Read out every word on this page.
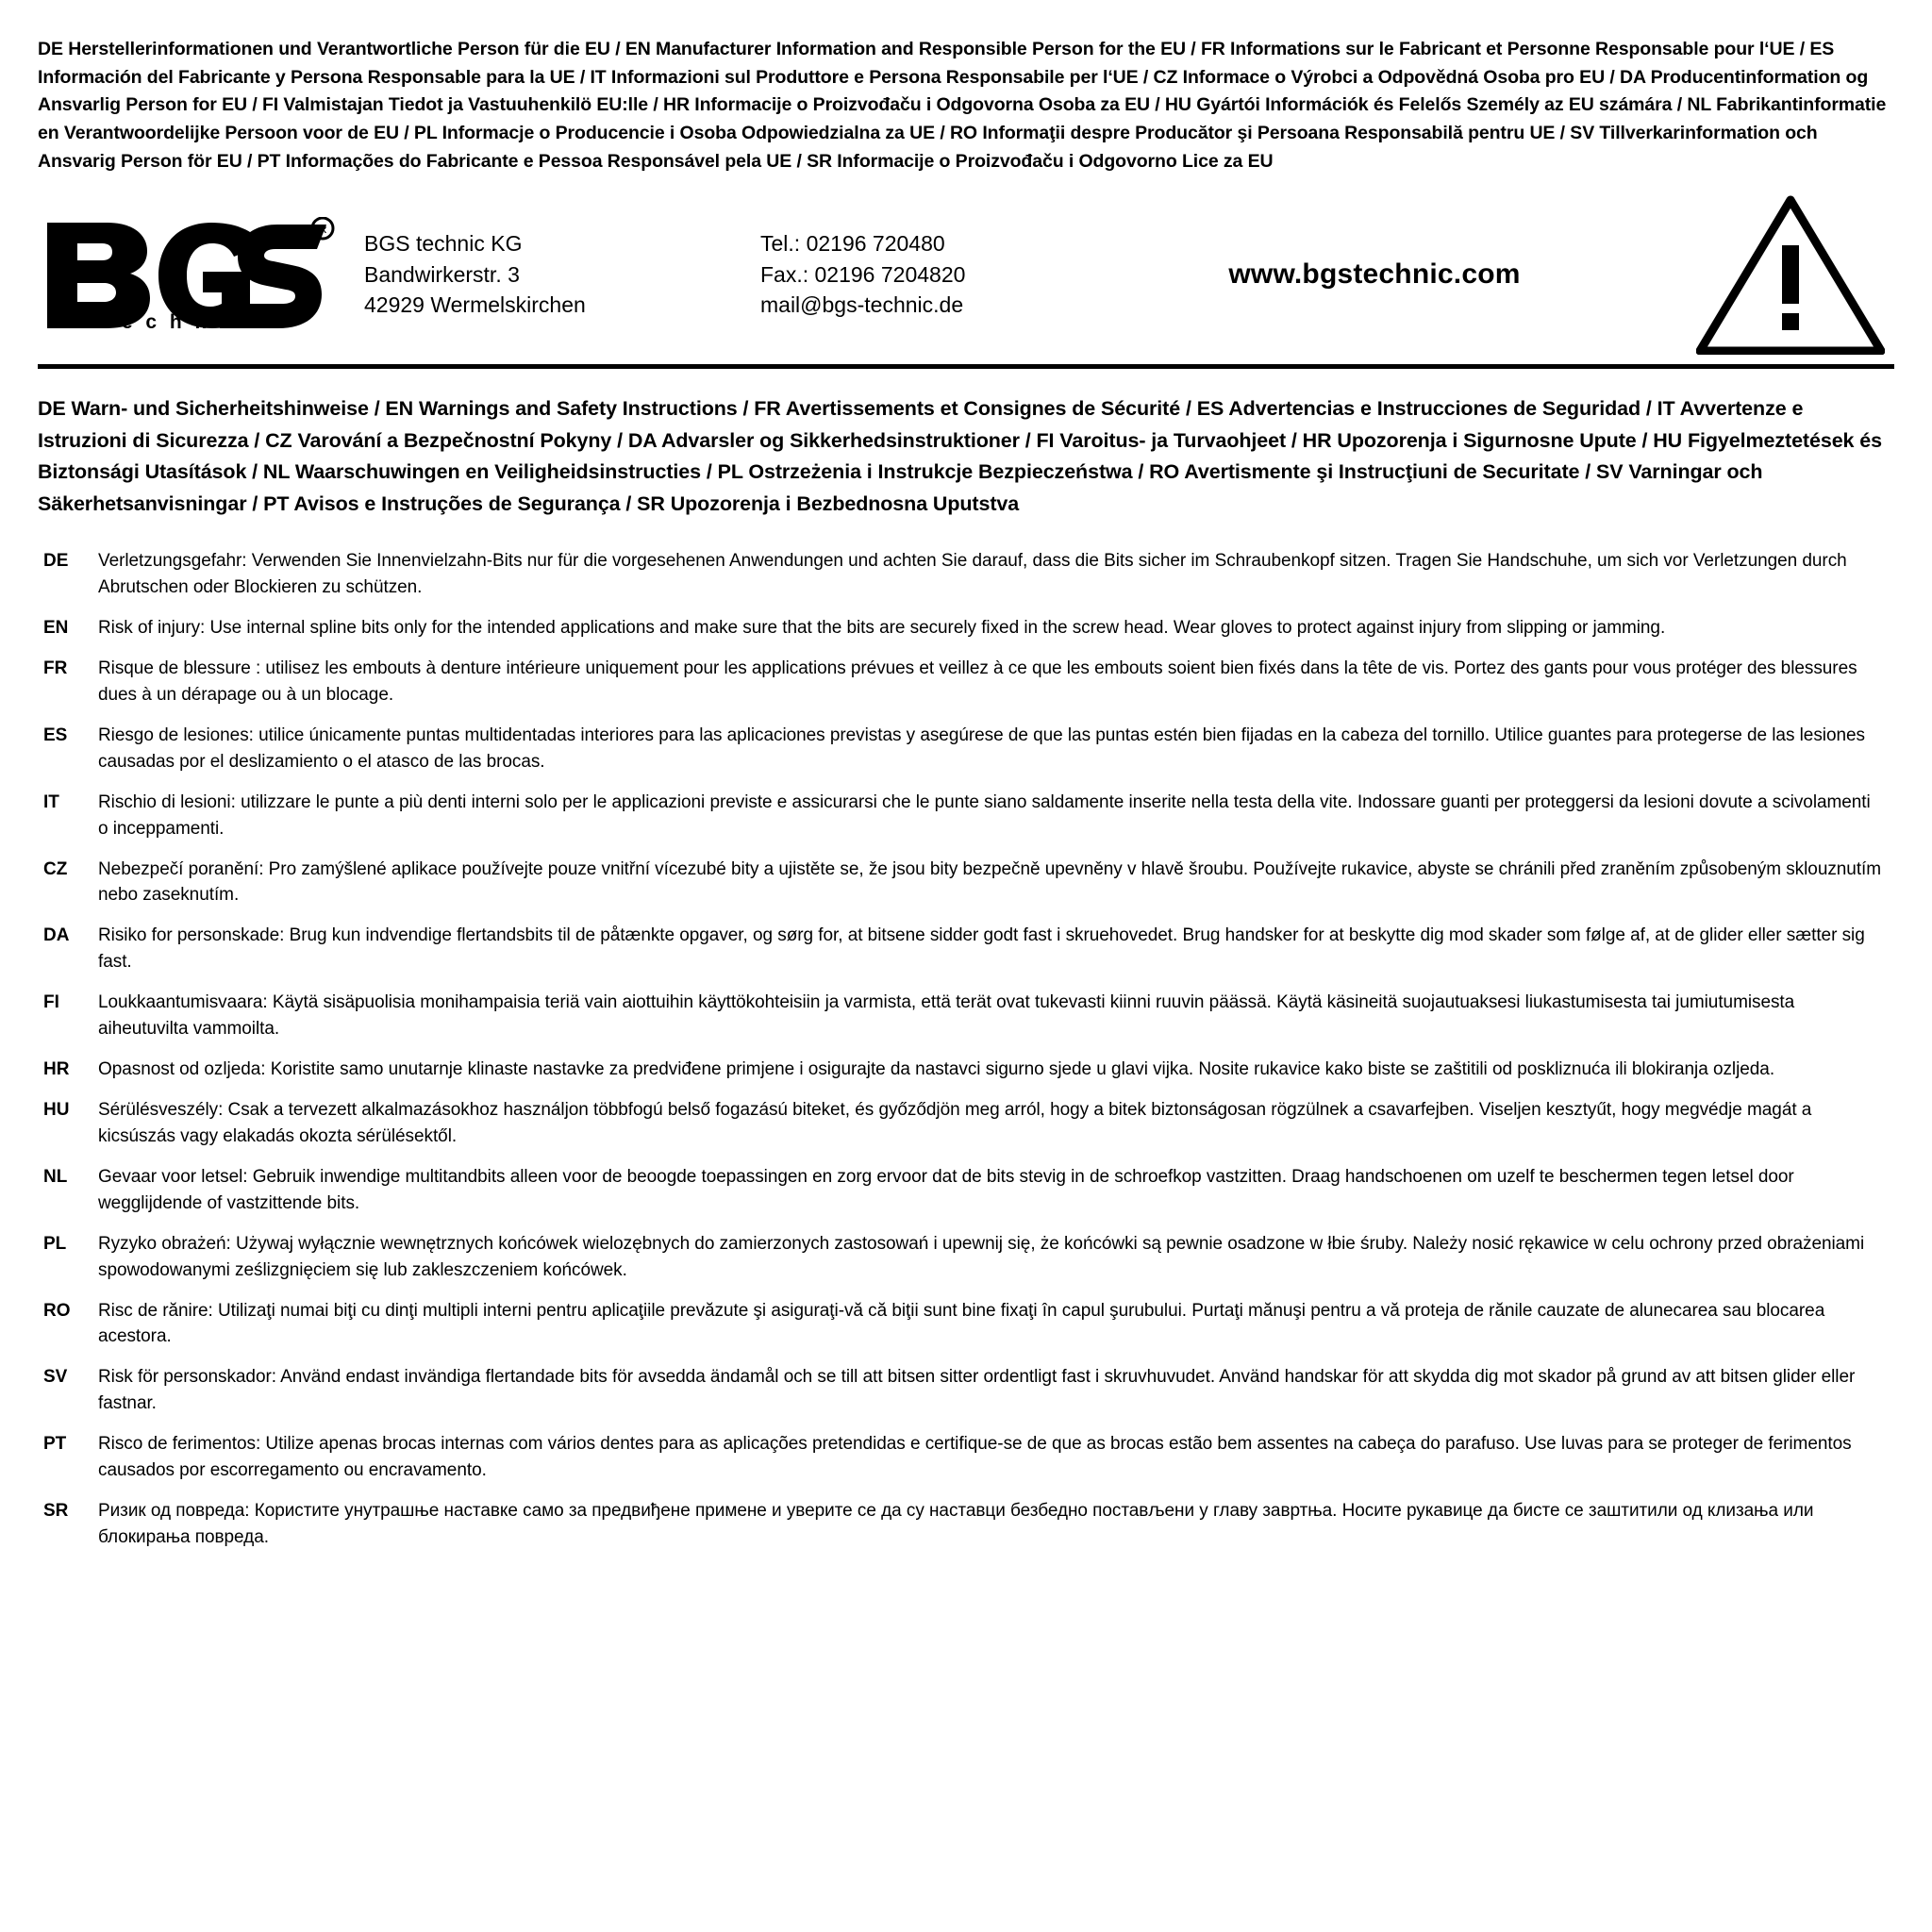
DE Herstellerinformationen und Verantwortliche Person für die EU / EN Manufacturer Information and Responsible Person for the EU / FR Informations sur le Fabricant et Personne Responsable pour l‘UE / ES Información del Fabricante y Persona Responsable para la UE / IT Informazioni sul Produttore e Persona Responsabile per l‘UE / CZ Informace o Výrobci a Odpovědná Osoba pro EU / DA Producentinformation og Ansvarlig Person for EU / FI Valmistajan Tiedot ja Vastuuhenkilö EU:lle / HR Informacije o Proizvođaču i Odgovorna Osoba za EU / HU Gyártói Információk és Felelős Személy az EU számára / NL Fabrikantinformatie en Verantwoordelijke Persoon voor de EU / PL Informacje o Producencie i Osoba Odpowiedzialna za UE / RO Informaţii despre Producător şi Persoana Responsabilă pentru UE / SV Tillverkarinformation och Ansvarig Person för EU / PT Informações do Fabricante e Pessoa Responsável pela UE / SR Informacije o Proizvođaču i Odgovorno Lice za EU
R
t e c h n i c
BGS technic KG
Bandwirkerstr. 3
42929 Wermelskirchen
Tel.: 02196 720480
Fax.: 02196 7204820
mail@bgs-technic.de
www.bgstechnic.com
DE Warn- und Sicherheitshinweise / EN Warnings and Safety Instructions / FR Avertissements et Consignes de Sécurité / ES Advertencias e Instrucciones de Seguridad / IT Avvertenze e Istruzioni di Sicurezza / CZ Varování a Bezpečnostní Pokyny / DA Advarsler og Sikkerhedsinstruktioner / FI Varoitus- ja Turvaohjeet / HR Upozorenja i Sigurnosne Upute / HU Figyelmeztetések és Biztonsági Utasítások / NL Waarschuwingen en Veiligheidsinstructies / PL Ostrzeżenia i Instrukcje Bezpieczeństwa / RO Avertismente şi Instrucţiuni de Securitate / SV Varningar och Säkerhetsanvisningar / PT Avisos e Instruções de Segurança / SR Upozorenja i Bezbednosna Uputstva
DE	Verletzungsgefahr: Verwenden Sie Innenvielzahn-Bits nur für die vorgesehenen Anwendungen und achten Sie darauf, dass die Bits sicher im Schraubenkopf sitzen. Tragen Sie Handschuhe, um sich vor Verletzungen durch Abrutschen oder Blockieren zu schützen.
EN	Risk of injury: Use internal spline bits only for the intended applications and make sure that the bits are securely fixed in the screw head. Wear gloves to protect against injury from slipping or jamming.
FR	Risque de blessure : utilisez les embouts à denture intérieure uniquement pour les applications prévues et veillez à ce que les embouts soient bien fixés dans la tête de vis. Portez des gants pour vous protéger des blessures dues à un dérapage ou à un blocage.
ES	Riesgo de lesiones: utilice únicamente puntas multidentadas interiores para las aplicaciones previstas y asegúrese de que las puntas estén bien fijadas en la cabeza del tornillo. Utilice guantes para protegerse de las lesiones causadas por el deslizamiento o el atasco de las brocas.
IT	Rischio di lesioni: utilizzare le punte a più denti interni solo per le applicazioni previste e assicurarsi che le punte siano saldamente inserite nella testa della vite. Indossare guanti per proteggersi da lesioni dovute a scivolamenti o inceppamenti.
CZ	Nebezpečí poranění: Pro zamýšlené aplikace používejte pouze vnitřní vícezubé bity a ujistěte se, že jsou bity bezpečně upevněny v hlavě šroubu. Používejte rukavice, abyste se chránili před zraněním způsobeným sklouznutím nebo zaseknutím.
DA	Risiko for personskade: Brug kun indvendige flertandsbits til de påtænkte opgaver, og sørg for, at bitsene sidder godt fast i skruehovedet. Brug handsker for at beskytte dig mod skader som følge af, at de glider eller sætter sig fast.
FI	Loukkaantumisvaara: Käytä sisäpuolisia monihampaisia teriä vain aiottuihin käyttökohteisiin ja varmista, että terät ovat tukevasti kiinni ruuvin päässä. Käytä käsineitä suojautuaksesi liukastumisesta tai jumiutumisesta aiheutuvilta vammoilta.
HR	Opasnost od ozljeda: Koristite samo unutarnje klinaste nastavke za predviđene primjene i osigurajte da nastavci sigurno sjede u glavi vijka. Nosite rukavice kako biste se zaštitili od poskliznuća ili blokiranja ozljeda.
HU	Sérülésveszély: Csak a tervezett alkalmazásokhoz használjon többfogú belső fogazású biteket, és győződjön meg arról, hogy a bitek biztonságosan rögzülnek a csavarfejben. Viseljen kesztyűt, hogy megvédje magát a kicsúszás vagy elakadás okozta sérülésektől.
NL	Gevaar voor letsel: Gebruik inwendige multitandbits alleen voor de beoogde toepassingen en zorg ervoor dat de bits stevig in de schroefkop vastzitten. Draag handschoenen om uzelf te beschermen tegen letsel door wegglijdende of vastzittende bits.
PL	Ryzyko obrażeń: Używaj wyłącznie wewnętrznych końcówek wielozębnych do zamierzonych zastosowań i upewnij się, że końcówki są pewnie osadzone w łbie śruby. Należy nosić rękawice w celu ochrony przed obrażeniami spowodowanymi ześlizgnięciem się lub zakleszczeniem końcówek.
RO	Risc de rănire: Utilizaţi numai biţi cu dinţi multipli interni pentru aplicaţiile prevăzute şi asiguraţi-vă că biţii sunt bine fixaţi în capul şurubului. Purtaţi mănuşi pentru a vă proteja de rănile cauzate de alunecarea sau blocarea acestora.
SV	Risk för personskador: Använd endast invändiga flertandade bits för avsedda ändamål och se till att bitsen sitter ordentligt fast i skruvhuvudet. Använd handskar för att skydda dig mot skador på grund av att bitsen glider eller fastnar.
PT	Risco de ferimentos: Utilize apenas brocas internas com vários dentes para as aplicações pretendidas e certifique-se de que as brocas estão bem assentes na cabeça do parafuso. Use luvas para se proteger de ferimentos causados por escorregamento ou encravamento.
SR	Ризик од повреда: Користите унутрашње наставке само за предвиђене примене и уверите се да су наставци безбедно постављени у главу завртња. Носите рукавице да бисте се заштитили од клизања или блокирања повреда.
